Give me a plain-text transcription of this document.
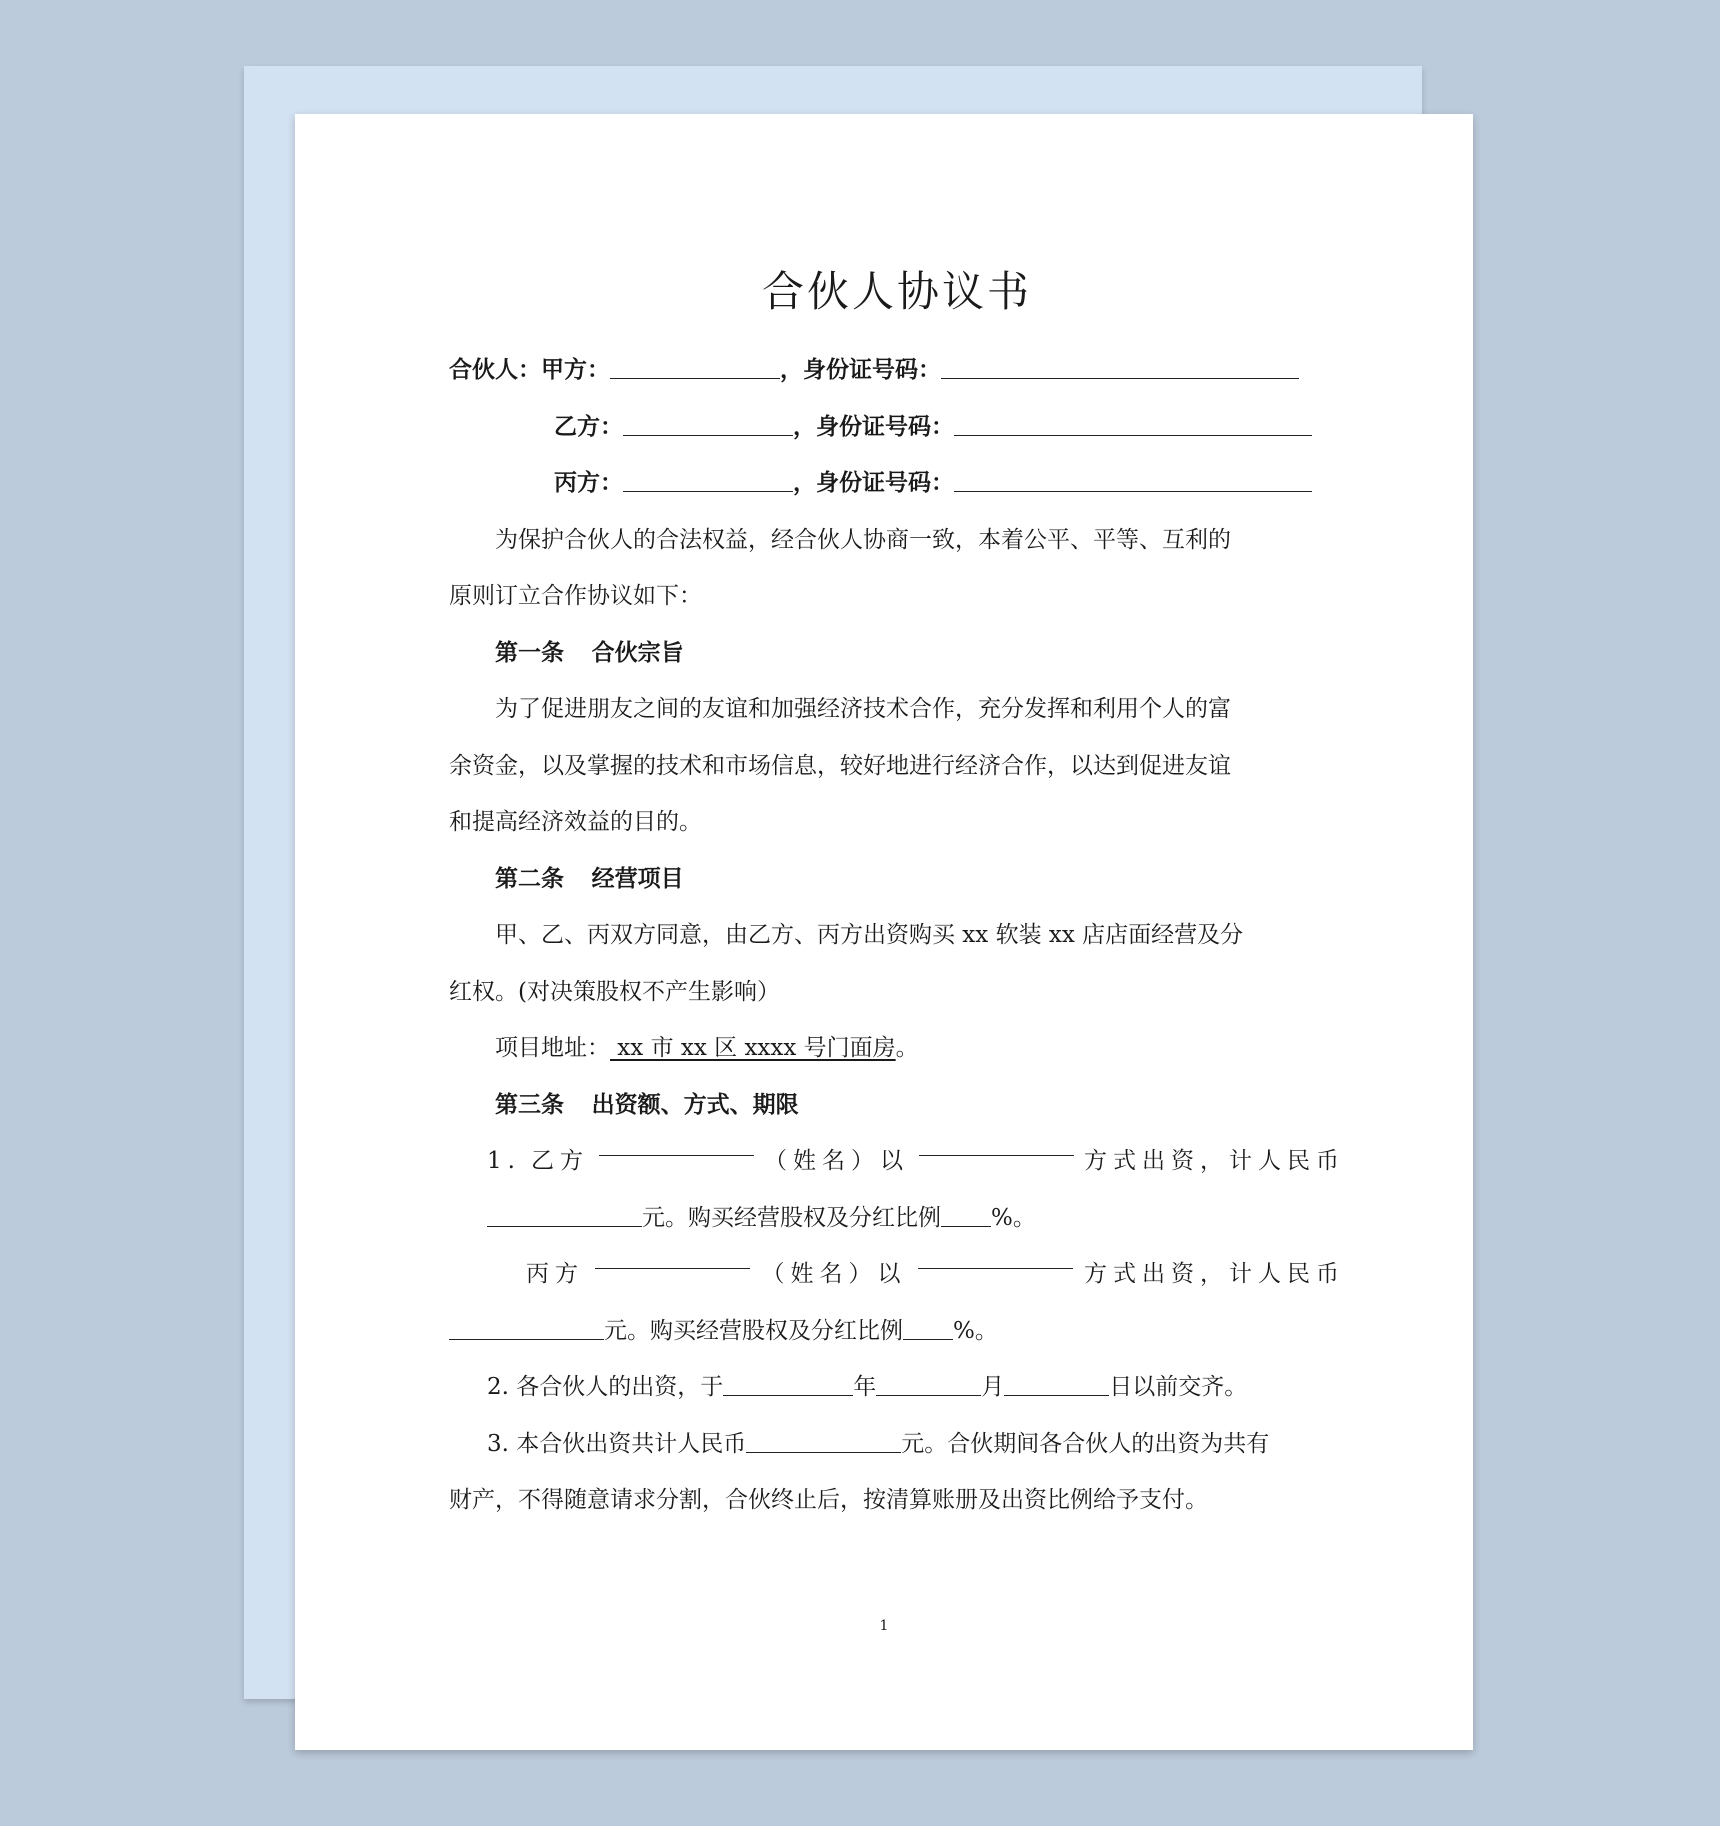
合伙人协议书
合伙人：甲方：	，身份证号码：
乙方：	，身份证号码：
丙方：	，身份证号码：
为保护合伙人的合法权益，经合伙人协商一致，本着公平、平等、互利的
原则订立合作协议如下：
第一条 合伙宗旨
为了促进朋友之间的友谊和加强经济技术合作，充分发挥和利用个人的富
余资金，以及掌握的技术和市场信息，较好地进行经济合作，以达到促进友谊
和提高经济效益的目的。
第二条 经营项目
甲、乙、丙双方同意，由乙方、丙方出资购买 xx 软装 xx 店店面经营及分
红权。(对决策股权不产生影响）
项目地址： xx 市 xx 区 xxxx 号门面房。
第三条 出资额、方式、期限
1. 乙方	（姓名）以	方式出资，计人民币
元。购买经营股权及分红比例 %。
丙方	（姓名）以	方式出资，计人民币
元。购买经营股权及分红比例 %。
2. 各合伙人的出资，于	年	月	日以前交齐。
3. 本合伙出资共计人民币	元。合伙期间各合伙人的出资为共有
财产，不得随意请求分割，合伙终止后，按清算账册及出资比例给予支付。
1
